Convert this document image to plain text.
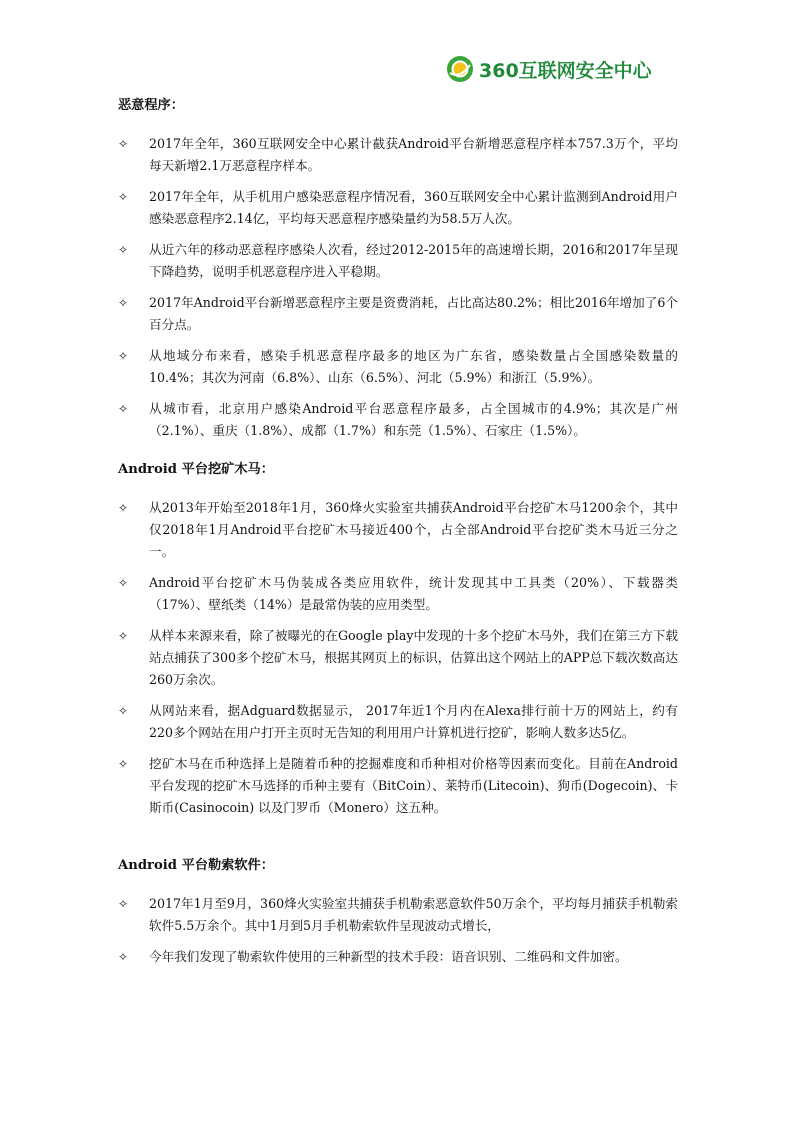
360互联网安全中心
恶意程序：
✧ 2017年全年，360互联网安全中心累计截获Android平台新增恶意程序样本757.3万个，平均每天新增2.1万恶意程序样本。
✧ 2017年全年，从手机用户感染恶意程序情况看，360互联网安全中心累计监测到Android用户感染恶意程序2.14亿，平均每天恶意程序感染量约为58.5万人次。
✧ 从近六年的移动恶意程序感染人次看，经过2012-2015年的高速增长期，2016和2017年呈现下降趋势，说明手机恶意程序进入平稳期。
✧ 2017年Android平台新增恶意程序主要是资费消耗，占比高达80.2%；相比2016年增加了6个百分点。
✧ 从地域分布来看，感染手机恶意程序最多的地区为广东省，感染数量占全国感染数量的10.4%；其次为河南（6.8%）、山东（6.5%）、河北（5.9%）和浙江（5.9%）。
✧ 从城市看，北京用户感染Android平台恶意程序最多，占全国城市的4.9%；其次是广州（2.1%）、重庆（1.8%）、成都（1.7%）和东莞（1.5%）、石家庄（1.5%）。
Android 平台挖矿木马：
✧ 从2013年开始至2018年1月，360烽火实验室共捕获Android平台挖矿木马1200余个，其中仅2018年1月Android平台挖矿木马接近400个，占全部Android平台挖矿类木马近三分之一。
✧ Android平台挖矿木马伪装成各类应用软件，统计发现其中工具类（20%）、下载器类（17%）、壁纸类（14%）是最常伪装的应用类型。
✧ 从样本来源来看，除了被曝光的在Google play中发现的十多个挖矿木马外，我们在第三方下载站点捕获了300多个挖矿木马，根据其网页上的标识，估算出这个网站上的APP总下载次数高达260万余次。
✧ 从网站来看，据Adguard数据显示， 2017年近1个月内在Alexa排行前十万的网站上，约有220多个网站在用户打开主页时无告知的利用用户计算机进行挖矿，影响人数多达5亿。
✧ 挖矿木马在币种选择上是随着币种的挖掘难度和币种相对价格等因素而变化。目前在Android平台发现的挖矿木马选择的币种主要有（BitCoin）、莱特币(Litecoin)、狗币(Dogecoin)、卡斯币(Casinocoin) 以及门罗币（Monero）这五种。
Android 平台勒索软件：
✧ 2017年1月至9月，360烽火实验室共捕获手机勒索恶意软件50万余个，平均每月捕获手机勒索软件5.5万余个。其中1月到5月手机勒索软件呈现波动式增长，
✧ 今年我们发现了勒索软件使用的三种新型的技术手段：语音识别、二维码和文件加密。
